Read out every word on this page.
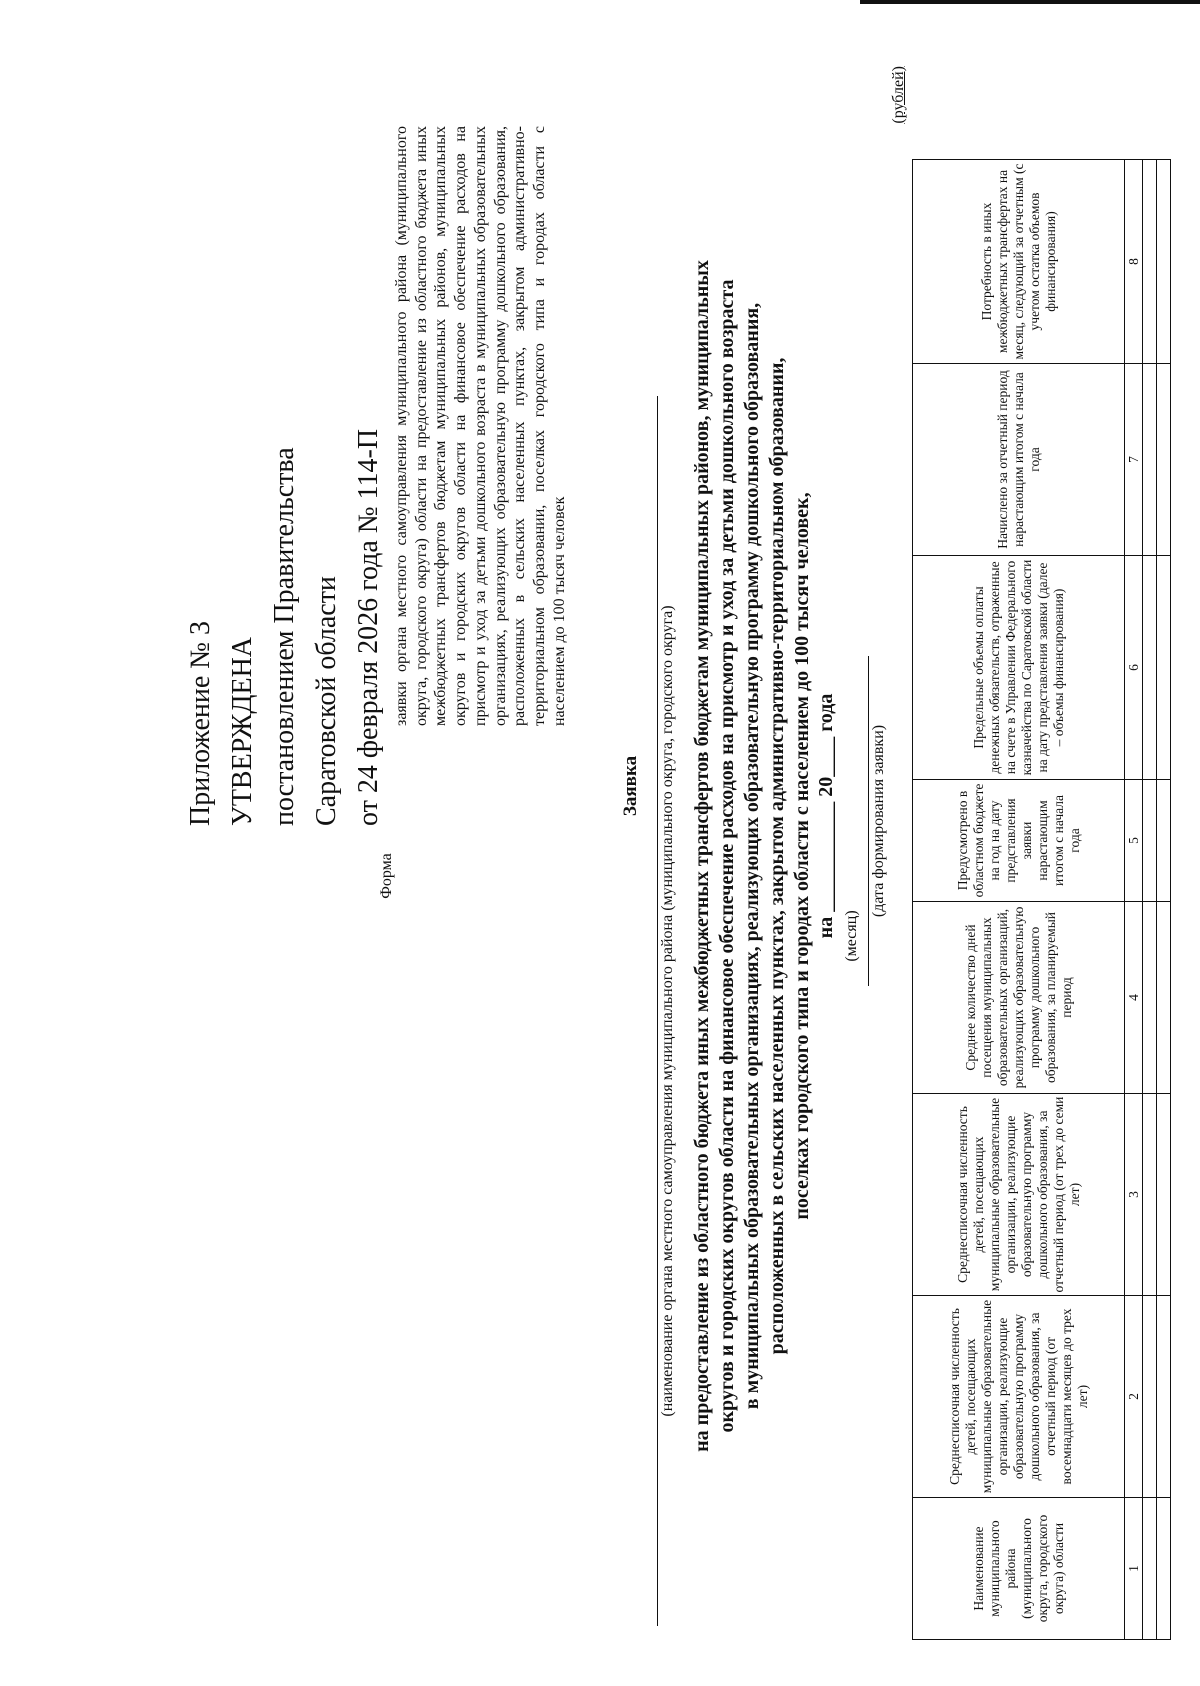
Приложение № 3 УТВЕРЖДЕНА постановлением Правительства Саратовской области от 24 февраля 2026 года № 114-П
Форма
заявки органа местного самоуправления муниципального района (муниципального округа, городского округа) области на предоставление из областного бюджета иных межбюджетных трансфертов бюджетам муниципальных районов, муниципальных округов и городских округов области на финансовое обеспечение расходов на присмотр и уход за детьми дошкольного возраста в муниципальных образовательных организациях, реализующих образовательную программу дошкольного образования, расположенных в сельских населенных пунктах, закрытом административно-территориальном образовании, поселках городского типа и городах области с населением до 100 тысяч человек
Заявка (наименование органа местного самоуправления муниципального района (муниципального округа, городского округа) на предоставление из областного бюджета иных межбюджетных трансфертов бюджетам муниципальных районов, муниципальных округов и городских округов области на финансовое обеспечение расходов на присмотр и уход за детьми дошкольного возраста в муниципальных образовательных организациях, реализующих образовательную программу дошкольного образования, расположенных в сельских населенных пунктах, закрытом административно-территориальном образовании, поселках городского типа и городах области с населением до 100 тысяч человек, на ___________ 20____ года (месяц)
(дата формирования заявки)
(рублей)
Наименование муниципального района (муниципального округа, городского округа) области	Среднесписочная численность детей, посещающих муниципальные образовательные организации, реализующие образовательную программу дошкольного образования, за отчетный период (от восемнадцати месяцев до трех лет)	Среднесписочная численность детей, посещающих муниципальные образовательные организации, реализующие образовательную программу дошкольного образования, за отчетный период (от трех до семи лет)	Среднее количество дней посещения муниципальных образовательных организаций, реализующих образовательную программу дошкольного образования, за планируемый период	Предусмотрено в областном бюджете на год на дату представления заявки нарастающим итогом с начала года	Предельные объемы оплаты денежных обязательств, отраженные на счете в Управлении Федерального казначейства по Саратовской области на дату представления заявки (далее – объемы финансирования)	Начислено за отчетный период нарастающим итогом с начала года	Потребность в иных межбюджетных трансфертах на месяц, следующий за отчетным (с учетом остатка объемов финансирования)
1	2	3	4	5	6	7	8
